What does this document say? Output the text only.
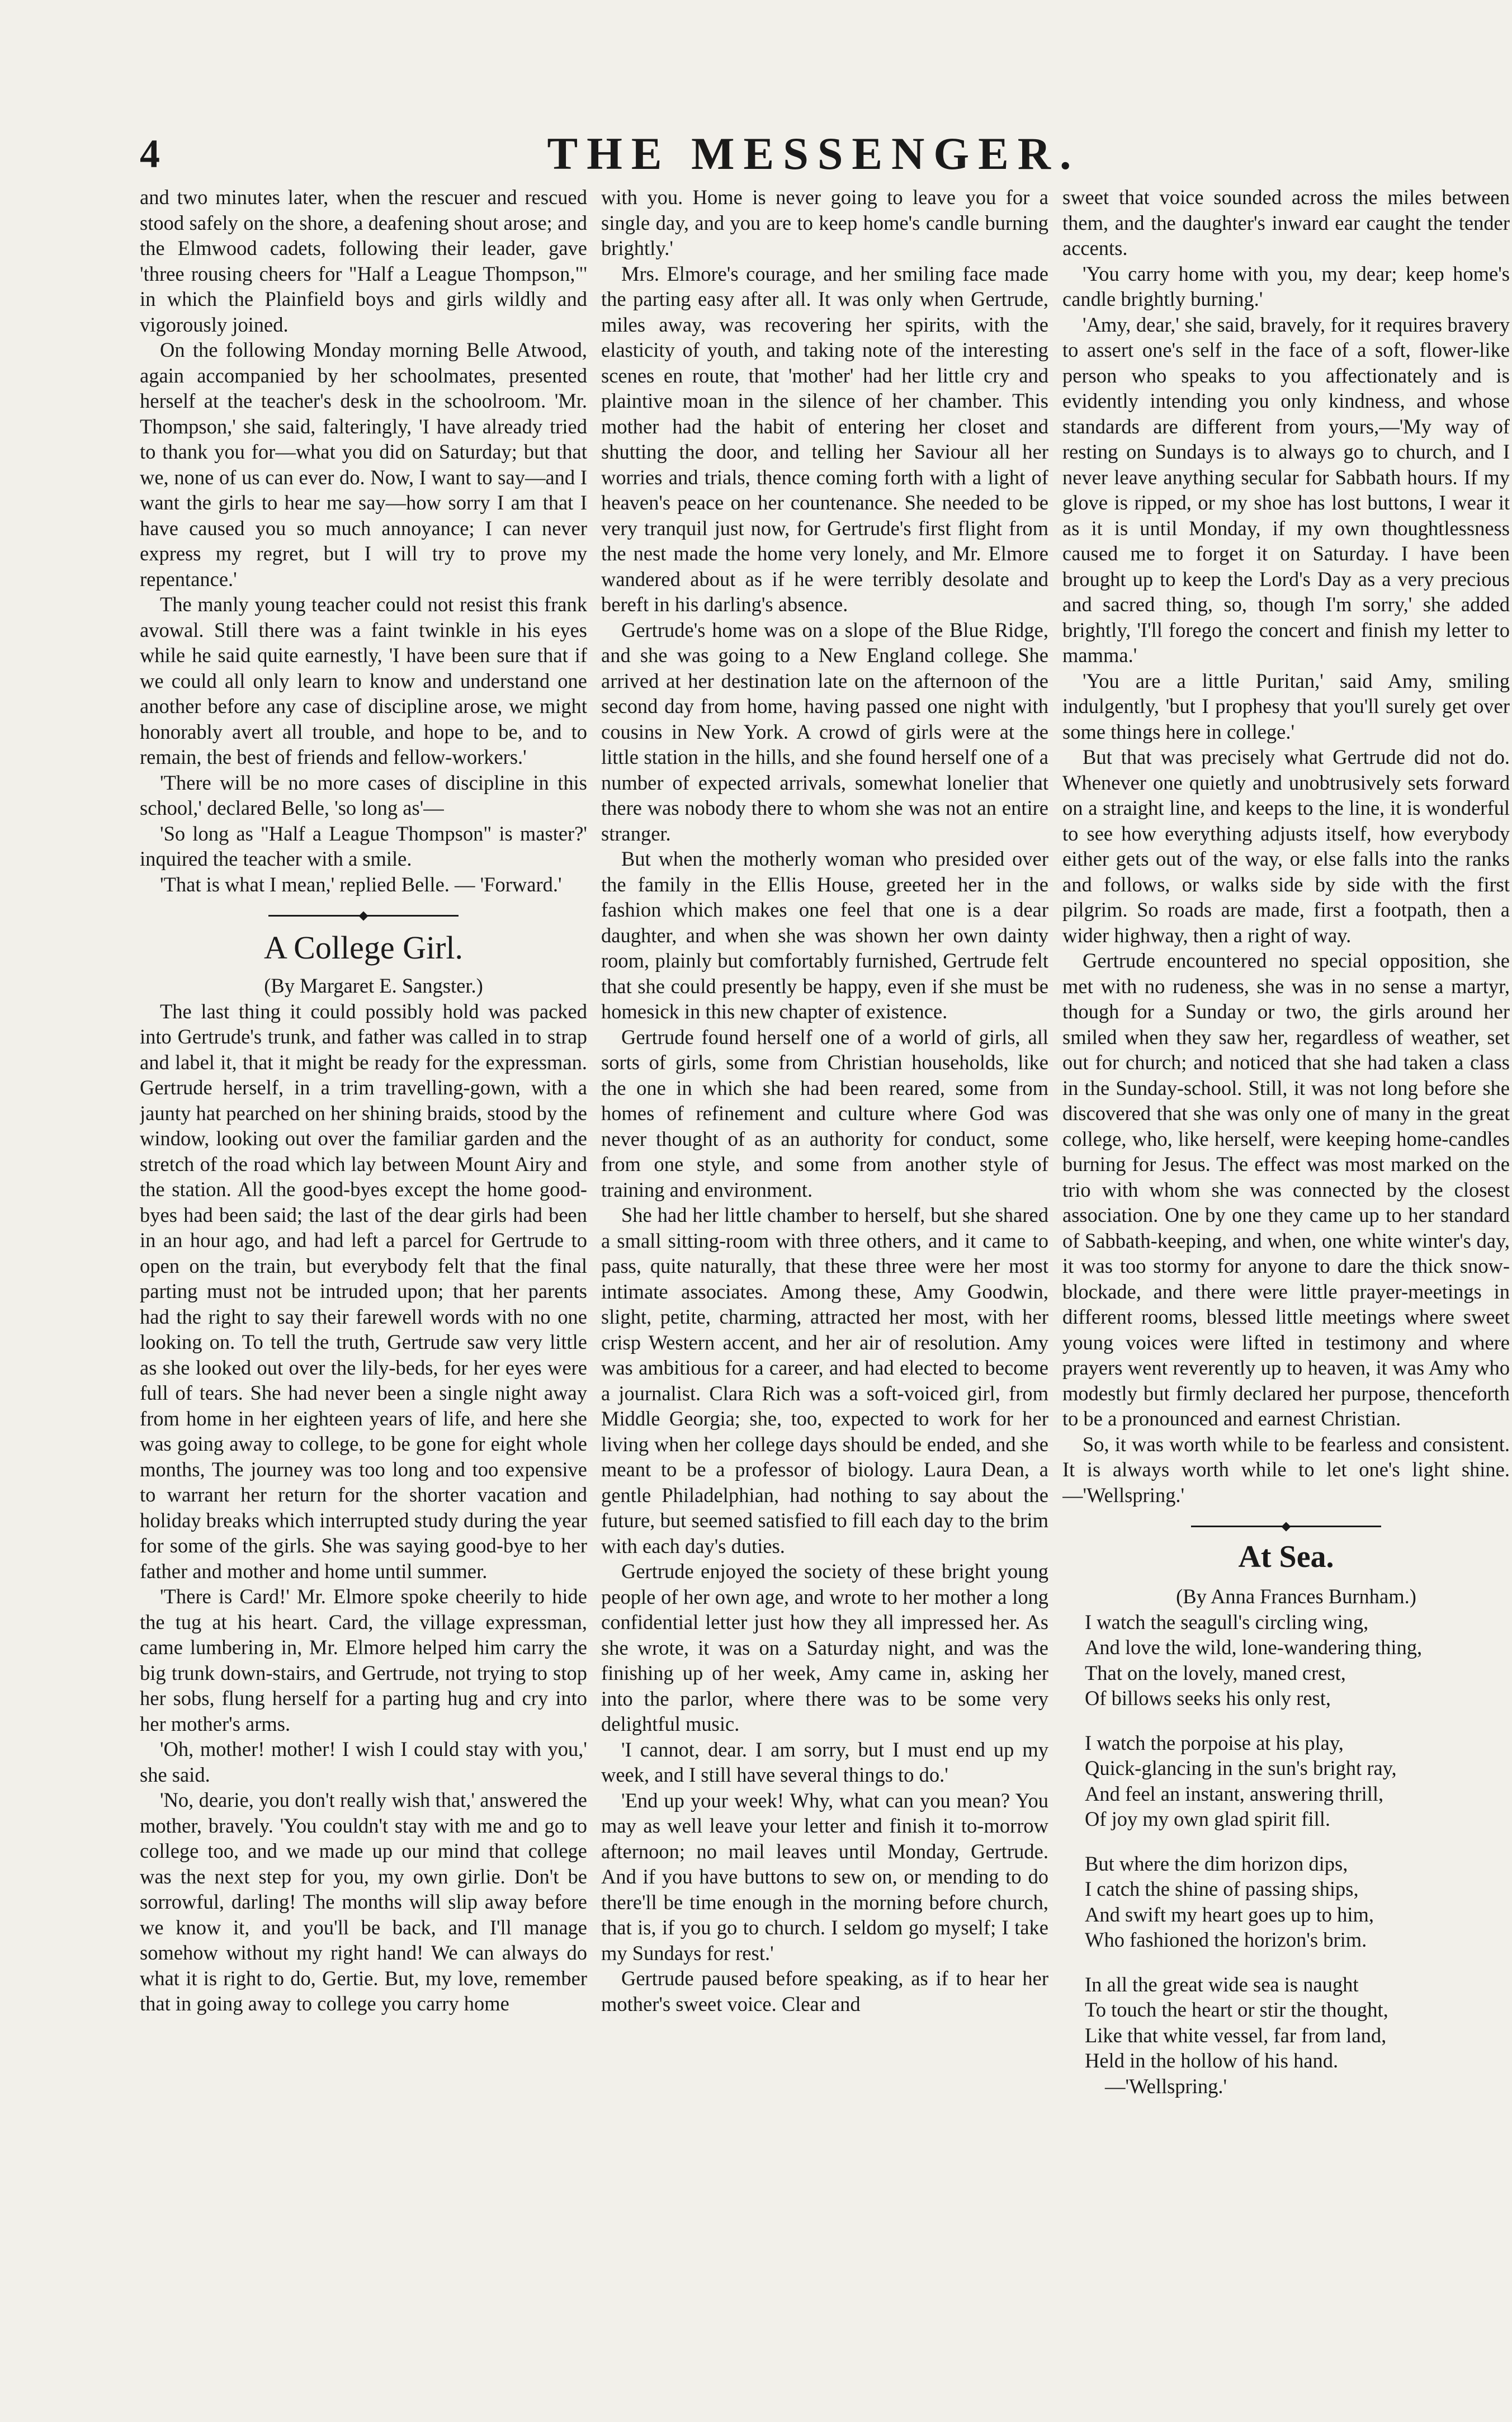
4	THE MESSENGER.

and two minutes later, when the rescuer and rescued stood safely on the shore, a deafening shout arose; and the Elmwood cadets, following their leader, gave 'three rousing cheers for "Half a League Thompson,"' in which the Plainfield boys and girls wildly and vigorously joined.

On the following Monday morning Belle Atwood, again accompanied by her schoolmates, presented herself at the teacher's desk in the schoolroom. 'Mr. Thompson,' she said, falteringly, 'I have already tried to thank you for—what you did on Saturday; but that we, none of us can ever do. Now, I want to say—and I want the girls to hear me say—how sorry I am that I have caused you so much annoyance; I can never express my regret, but I will try to prove my repentance.'

The manly young teacher could not resist this frank avowal. Still there was a faint twinkle in his eyes while he said quite earnestly, 'I have been sure that if we could all only learn to know and understand one another before any case of discipline arose, we might honorably avert all trouble, and hope to be, and to remain, the best of friends and fellow-workers.'

'There will be no more cases of discipline in this school,' declared Belle, 'so long as'—

'So long as "Half a League Thompson" is master?' inquired the teacher with a smile.

'That is what I mean,' replied Belle. — 'Forward.'

A College Girl.

(By Margaret E. Sangster.)

The last thing it could possibly hold was packed into Gertrude's trunk, and father was called in to strap and label it, that it might be ready for the expressman. Gertrude herself, in a trim travelling-gown, with a jaunty hat pearched on her shining braids, stood by the window, looking out over the familiar garden and the stretch of the road which lay between Mount Airy and the station. All the good-byes except the home good-byes had been said; the last of the dear girls had been in an hour ago, and had left a parcel for Gertrude to open on the train, but everybody felt that the final parting must not be intruded upon; that her parents had the right to say their farewell words with no one looking on. To tell the truth, Gertrude saw very little as she looked out over the lily-beds, for her eyes were full of tears. She had never been a single night away from home in her eighteen years of life, and here she was going away to college, to be gone for eight whole months, The journey was too long and too expensive to warrant her return for the shorter vacation and holiday breaks which interrupted study during the year for some of the girls. She was saying good-bye to her father and mother and home until summer.

'There is Card!' Mr. Elmore spoke cheerily to hide the tug at his heart. Card, the village expressman, came lumbering in, Mr. Elmore helped him carry the big trunk down-stairs, and Gertrude, not trying to stop her sobs, flung herself for a parting hug and cry into her mother's arms.

'Oh, mother! mother! I wish I could stay with you,' she said.

'No, dearie, you don't really wish that,' answered the mother, bravely. 'You couldn't stay with me and go to college too, and we made up our mind that college was the next step for you, my own girlie. Don't be sorrowful, darling! The months will slip away before we know it, and you'll be back, and I'll manage somehow without my right hand! We can always do what it is right to do, Gertie. But, my love, remember that in going away to college you carry home

with you. Home is never going to leave you for a single day, and you are to keep home's candle burning brightly.'

Mrs. Elmore's courage, and her smiling face made the parting easy after all. It was only when Gertrude, miles away, was recovering her spirits, with the elasticity of youth, and taking note of the interesting scenes en route, that 'mother' had her little cry and plaintive moan in the silence of her chamber. This mother had the habit of entering her closet and shutting the door, and telling her Saviour all her worries and trials, thence coming forth with a light of heaven's peace on her countenance. She needed to be very tranquil just now, for Gertrude's first flight from the nest made the home very lonely, and Mr. Elmore wandered about as if he were terribly desolate and bereft in his darling's absence.

Gertrude's home was on a slope of the Blue Ridge, and she was going to a New England college. She arrived at her destination late on the afternoon of the second day from home, having passed one night with cousins in New York. A crowd of girls were at the little station in the hills, and she found herself one of a number of expected arrivals, somewhat lonelier that there was nobody there to whom she was not an entire stranger.

But when the motherly woman who presided over the family in the Ellis House, greeted her in the fashion which makes one feel that one is a dear daughter, and when she was shown her own dainty room, plainly but comfortably furnished, Gertrude felt that she could presently be happy, even if she must be homesick in this new chapter of existence.

Gertrude found herself one of a world of girls, all sorts of girls, some from Christian households, like the one in which she had been reared, some from homes of refinement and culture where God was never thought of as an authority for conduct, some from one style, and some from another style of training and environment.

She had her little chamber to herself, but she shared a small sitting-room with three others, and it came to pass, quite naturally, that these three were her most intimate associates. Among these, Amy Goodwin, slight, petite, charming, attracted her most, with her crisp Western accent, and her air of resolution. Amy was ambitious for a career, and had elected to become a journalist. Clara Rich was a soft-voiced girl, from Middle Georgia; she, too, expected to work for her living when her college days should be ended, and she meant to be a professor of biology. Laura Dean, a gentle Philadelphian, had nothing to say about the future, but seemed satisfied to fill each day to the brim with each day's duties.

Gertrude enjoyed the society of these bright young people of her own age, and wrote to her mother a long confidential letter just how they all impressed her. As she wrote, it was on a Saturday night, and was the finishing up of her week, Amy came in, asking her into the parlor, where there was to be some very delightful music.

'I cannot, dear. I am sorry, but I must end up my week, and I still have several things to do.'

'End up your week! Why, what can you mean? You may as well leave your letter and finish it to-morrow afternoon; no mail leaves until Monday, Gertrude. And if you have buttons to sew on, or mending to do there'll be time enough in the morning before church, that is, if you go to church. I seldom go myself; I take my Sundays for rest.'

Gertrude paused before speaking, as if to hear her mother's sweet voice. Clear and

sweet that voice sounded across the miles between them, and the daughter's inward ear caught the tender accents.

'You carry home with you, my dear; keep home's candle brightly burning.'

'Amy, dear,' she said, bravely, for it requires bravery to assert one's self in the face of a soft, flower-like person who speaks to you affectionately and is evidently intending you only kindness, and whose standards are different from yours,—'My way of resting on Sundays is to always go to church, and I never leave anything secular for Sabbath hours. If my glove is ripped, or my shoe has lost buttons, I wear it as it is until Monday, if my own thoughtlessness caused me to forget it on Saturday. I have been brought up to keep the Lord's Day as a very precious and sacred thing, so, though I'm sorry,' she added brightly, 'I'll forego the concert and finish my letter to mamma.'

'You are a little Puritan,' said Amy, smiling indulgently, 'but I prophesy that you'll surely get over some things here in college.'

But that was precisely what Gertrude did not do. Whenever one quietly and unobtrusively sets forward on a straight line, and keeps to the line, it is wonderful to see how everything adjusts itself, how everybody either gets out of the way, or else falls into the ranks and follows, or walks side by side with the first pilgrim. So roads are made, first a footpath, then a wider highway, then a right of way.

Gertrude encountered no special opposition, she met with no rudeness, she was in no sense a martyr, though for a Sunday or two, the girls around her smiled when they saw her, regardless of weather, set out for church; and noticed that she had taken a class in the Sunday-school. Still, it was not long before she discovered that she was only one of many in the great college, who, like herself, were keeping home-candles burning for Jesus. The effect was most marked on the trio with whom she was connected by the closest association. One by one they came up to her standard of Sabbath-keeping, and when, one white winter's day, it was too stormy for anyone to dare the thick snow-blockade, and there were little prayer-meetings in different rooms, blessed little meetings where sweet young voices were lifted in testimony and where prayers went reverently up to heaven, it was Amy who modestly but firmly declared her purpose, thenceforth to be a pronounced and earnest Christian.

So, it was worth while to be fearless and consistent. It is always worth while to let one's light shine.—'Wellspring.'

At Sea.

(By Anna Frances Burnham.)

I watch the seagull's circling wing,

And love the wild, lone-wandering thing,

That on the lovely, maned crest,

Of billows seeks his only rest,

I watch the porpoise at his play,

Quick-glancing in the sun's bright ray,

And feel an instant, answering thrill,

Of joy my own glad spirit fill.

But where the dim horizon dips,

I catch the shine of passing ships,

And swift my heart goes up to him,

Who fashioned the horizon's brim.

In all the great wide sea is naught

To touch the heart or stir the thought,

Like that white vessel, far from land,

Held in the hollow of his hand.

—'Wellspring.'
